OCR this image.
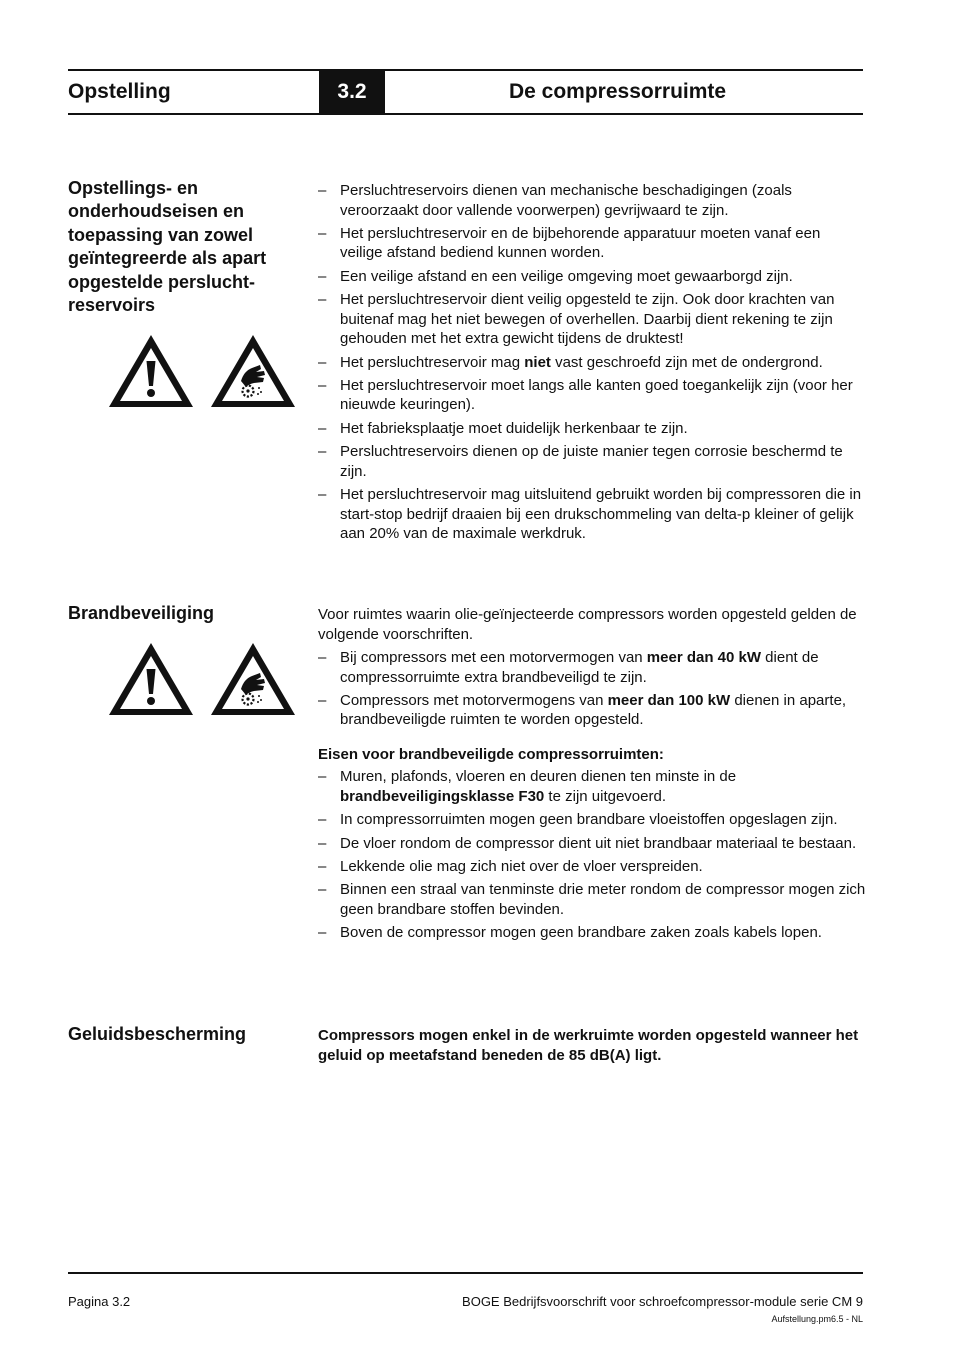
Opstelling	3.2	De compressorruimte
Opstellings- en
onderhoudseisen en
toepassing van zowel
geïntegreerde als apart
opgestelde perslucht-
reservoirs
– Persluchtreservoirs dienen van mechanische beschadigingen (zoals veroorzaakt door vallende voorwerpen) gevrijwaard te zijn.
– Het persluchtreservoir en de bijbehorende apparatuur moeten vanaf een veilige afstand bediend kunnen worden.
– Een veilige afstand en een veilige omgeving moet gewaarborgd zijn.
– Het persluchtreservoir dient veilig opgesteld te zijn. Ook door krachten van buitenaf mag het niet bewegen of overhellen. Daarbij dient rekening te zijn gehouden met het extra gewicht tijdens de druktest!
– Het persluchtreservoir mag niet vast geschroefd zijn met de ondergrond.
– Het persluchtreservoir moet langs alle kanten goed toegankelijk zijn (voor her nieuwde keuringen).
– Het fabrieksplaatje moet duidelijk herkenbaar te zijn.
– Persluchtreservoirs dienen op de juiste manier tegen corrosie beschermd te zijn.
– Het persluchtreservoir mag uitsluitend gebruikt worden bij compressoren die in start-stop bedrijf draaien bij een drukschommeling van delta-p kleiner of gelijk aan 20% van de maximale werkdruk.
Brandbeveiliging	Voor ruimtes waarin olie-geïnjecteerde compressors worden opgesteld gelden de volgende voorschriften.

– Bij compressors met een motorvermogen van meer dan 40 kW dient de compressorruimte extra brandbeveiligd te zijn.
– Compressors met motorvermogens van meer dan 100 kW dienen in aparte, brandbeveiligde ruimten te worden opgesteld.

Eisen voor brandbeveiligde compressorruimten:

– Muren, plafonds, vloeren en deuren dienen ten minste in de brandbeveiligingsklasse F30 te zijn uitgevoerd.
– In compressorruimten mogen geen brandbare vloeistoffen opgeslagen zijn.
– De vloer rondom de compressor dient uit niet brandbaar materiaal te bestaan.
– Lekkende olie mag zich niet over de vloer verspreiden.
– Binnen een straal van tenminste drie meter rondom de compressor mogen zich geen brandbare stoffen bevinden.
– Boven de compressor mogen geen brandbare zaken zoals kabels lopen.
Geluidsbescherming	Compressors mogen enkel in de werkruimte worden opgesteld wanneer het geluid op meetafstand beneden de 85 dB(A) ligt.

Pagina 3.2	BOGE Bedrijfsvoorschrift voor schroefcompressor-module serie CM 9
Aufstellung.pm6.5 - NL
